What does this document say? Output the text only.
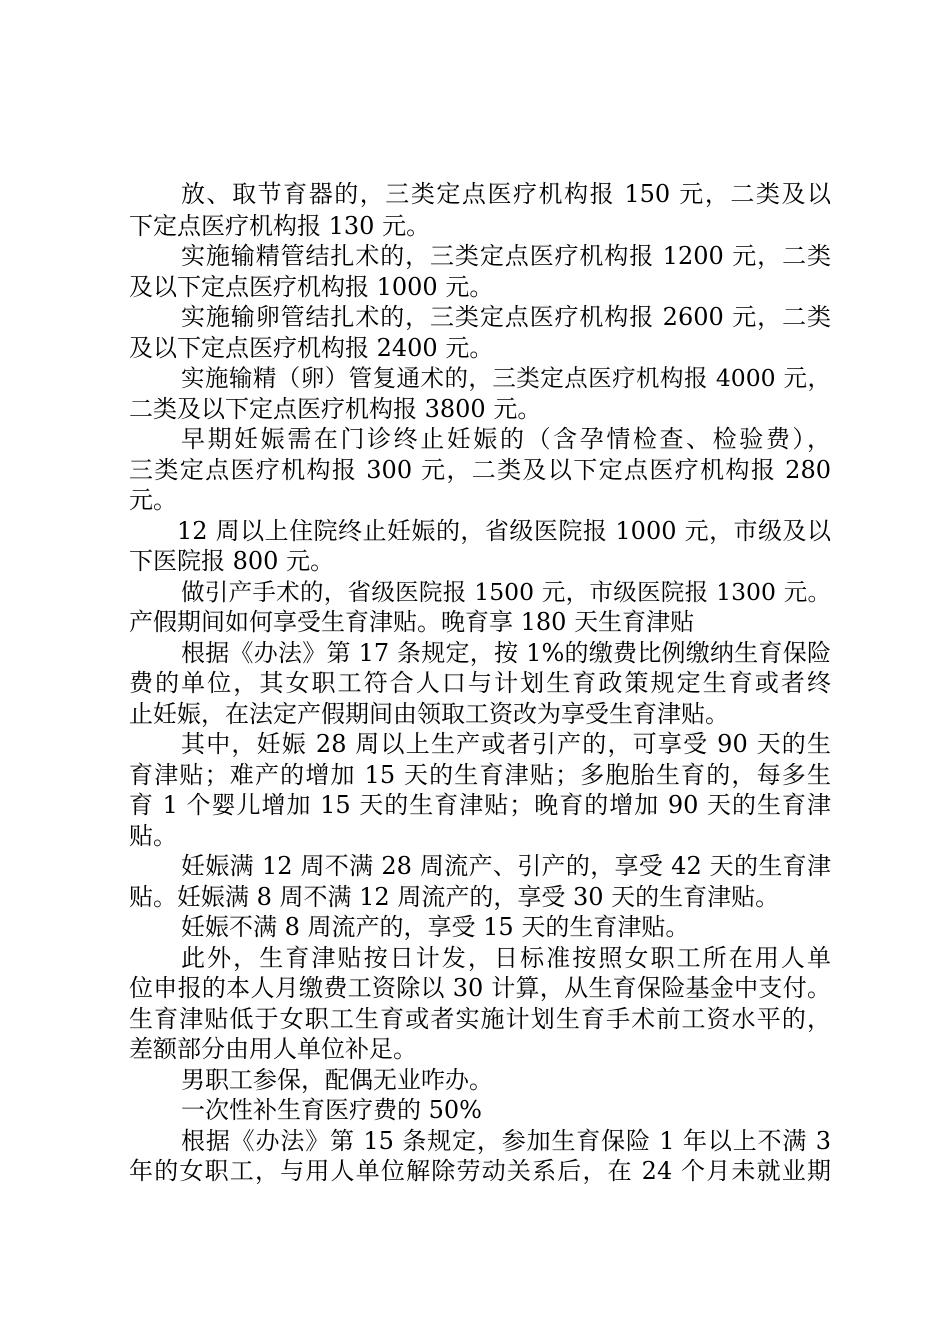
放、取节育器的，三类定点医疗机构报 150 元，二类及以
下定点医疗机构报 130 元。
实施输精管结扎术的，三类定点医疗机构报 1200 元，二类
及以下定点医疗机构报 1000 元。
实施输卵管结扎术的，三类定点医疗机构报 2600 元，二类
及以下定点医疗机构报 2400 元。
实施输精（卵）管复通术的，三类定点医疗机构报 4000 元，
二类及以下定点医疗机构报 3800 元。
早期妊娠需在门诊终止妊娠的（含孕情检查、检验费），
三类定点医疗机构报 300 元，二类及以下定点医疗机构报 280
元。
12 周以上住院终止妊娠的，省级医院报 1000 元，市级及以
下医院报 800 元。
做引产手术的，省级医院报 1500 元，市级医院报 1300 元。
产假期间如何享受生育津贴。晚育享 180 天生育津贴
根据《办法》第 17 条规定，按 1%的缴费比例缴纳生育保险
费的单位，其女职工符合人口与计划生育政策规定生育或者终
止妊娠，在法定产假期间由领取工资改为享受生育津贴。
其中，妊娠 28 周以上生产或者引产的，可享受 90 天的生
育津贴；难产的增加 15 天的生育津贴；多胞胎生育的，每多生
育 1 个婴儿增加 15 天的生育津贴；晚育的增加 90 天的生育津
贴。
妊娠满 12 周不满 28 周流产、引产的，享受 42 天的生育津
贴。妊娠满 8 周不满 12 周流产的，享受 30 天的生育津贴。
妊娠不满 8 周流产的，享受 15 天的生育津贴。
此外，生育津贴按日计发，日标准按照女职工所在用人单
位申报的本人月缴费工资除以 30 计算，从生育保险基金中支付。
生育津贴低于女职工生育或者实施计划生育手术前工资水平的，
差额部分由用人单位补足。
男职工参保，配偶无业咋办。
一次性补生育医疗费的 50%
根据《办法》第 15 条规定，参加生育保险 1 年以上不满 3
年的女职工，与用人单位解除劳动关系后，在 24 个月未就业期
